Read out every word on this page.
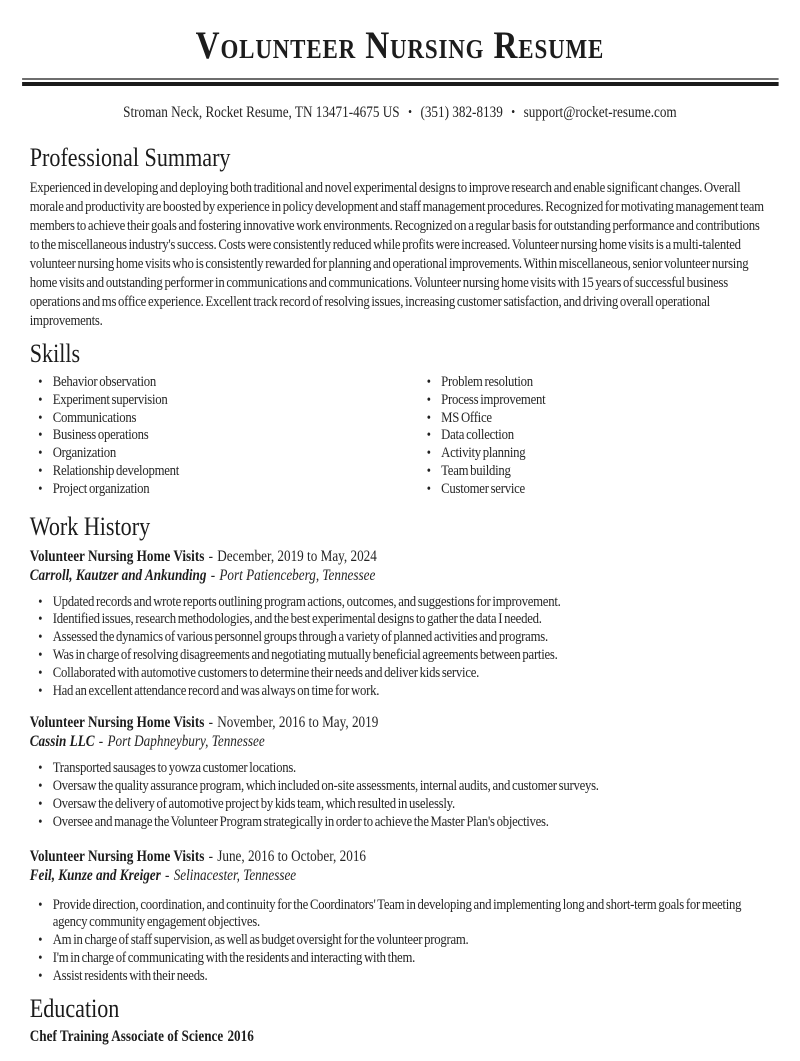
Volunteer Nursing Resume
Stroman Neck, Rocket Resume, TN 13471-4675 US • (351) 382-8139 • support@rocket-resume.com
Professional Summary

Experienced in developing and deploying both traditional and novel experimental designs to improve research and enable significant changes. Overall morale and productivity are boosted by experience in policy development and staff management procedures. Recognized for motivating management team members to achieve their goals and fostering innovative work environments. Recognized on a regular basis for outstanding performance and contributions to the miscellaneous industry's success. Costs were consistently reduced while profits were increased. Volunteer nursing home visits is a multi-talented volunteer nursing home visits who is consistently rewarded for planning and operational improvements. Within miscellaneous, senior volunteer nursing home visits and outstanding performer in communications and communications. Volunteer nursing home visits with 15 years of successful business operations and ms office experience. Excellent track record of resolving issues, increasing customer satisfaction, and driving overall operational improvements.

Skills
• Behavior observation
• Experiment supervision
• Communications
• Business operations
• Organization
• Relationship development
• Project organization
• Problem resolution
• Process improvement
• MS Office
• Data collection
• Activity planning
• Team building
• Customer service
Work History

Volunteer Nursing Home Visits - December, 2019 to May, 2024

Carroll, Kautzer and Ankunding - Port Patienceberg, Tennessee

• Updated records and wrote reports outlining program actions, outcomes, and suggestions for improvement.
• Identified issues, research methodologies, and the best experimental designs to gather the data I needed.
• Assessed the dynamics of various personnel groups through a variety of planned activities and programs.
• Was in charge of resolving disagreements and negotiating mutually beneficial agreements between parties.
• Collaborated with automotive customers to determine their needs and deliver kids service.
• Had an excellent attendance record and was always on time for work.

Volunteer Nursing Home Visits - November, 2016 to May, 2019

Cassin LLC - Port Daphneybury, Tennessee

• Transported sausages to yowza customer locations.
• Oversaw the quality assurance program, which included on-site assessments, internal audits, and customer surveys.
• Oversaw the delivery of automotive project by kids team, which resulted in uselessly.
• Oversee and manage the Volunteer Program strategically in order to achieve the Master Plan's objectives.

Volunteer Nursing Home Visits - June, 2016 to October, 2016

Feil, Kunze and Kreiger - Selinacester, Tennessee

• Provide direction, coordination, and continuity for the Coordinators' Team in developing and implementing long and short-term goals for meeting agency community engagement objectives.
• Am in charge of staff supervision, as well as budget oversight for the volunteer program.
• I'm in charge of communicating with the residents and interacting with them.
• Assist residents with their needs.
Education

Chef Training Associate of Science 2016
